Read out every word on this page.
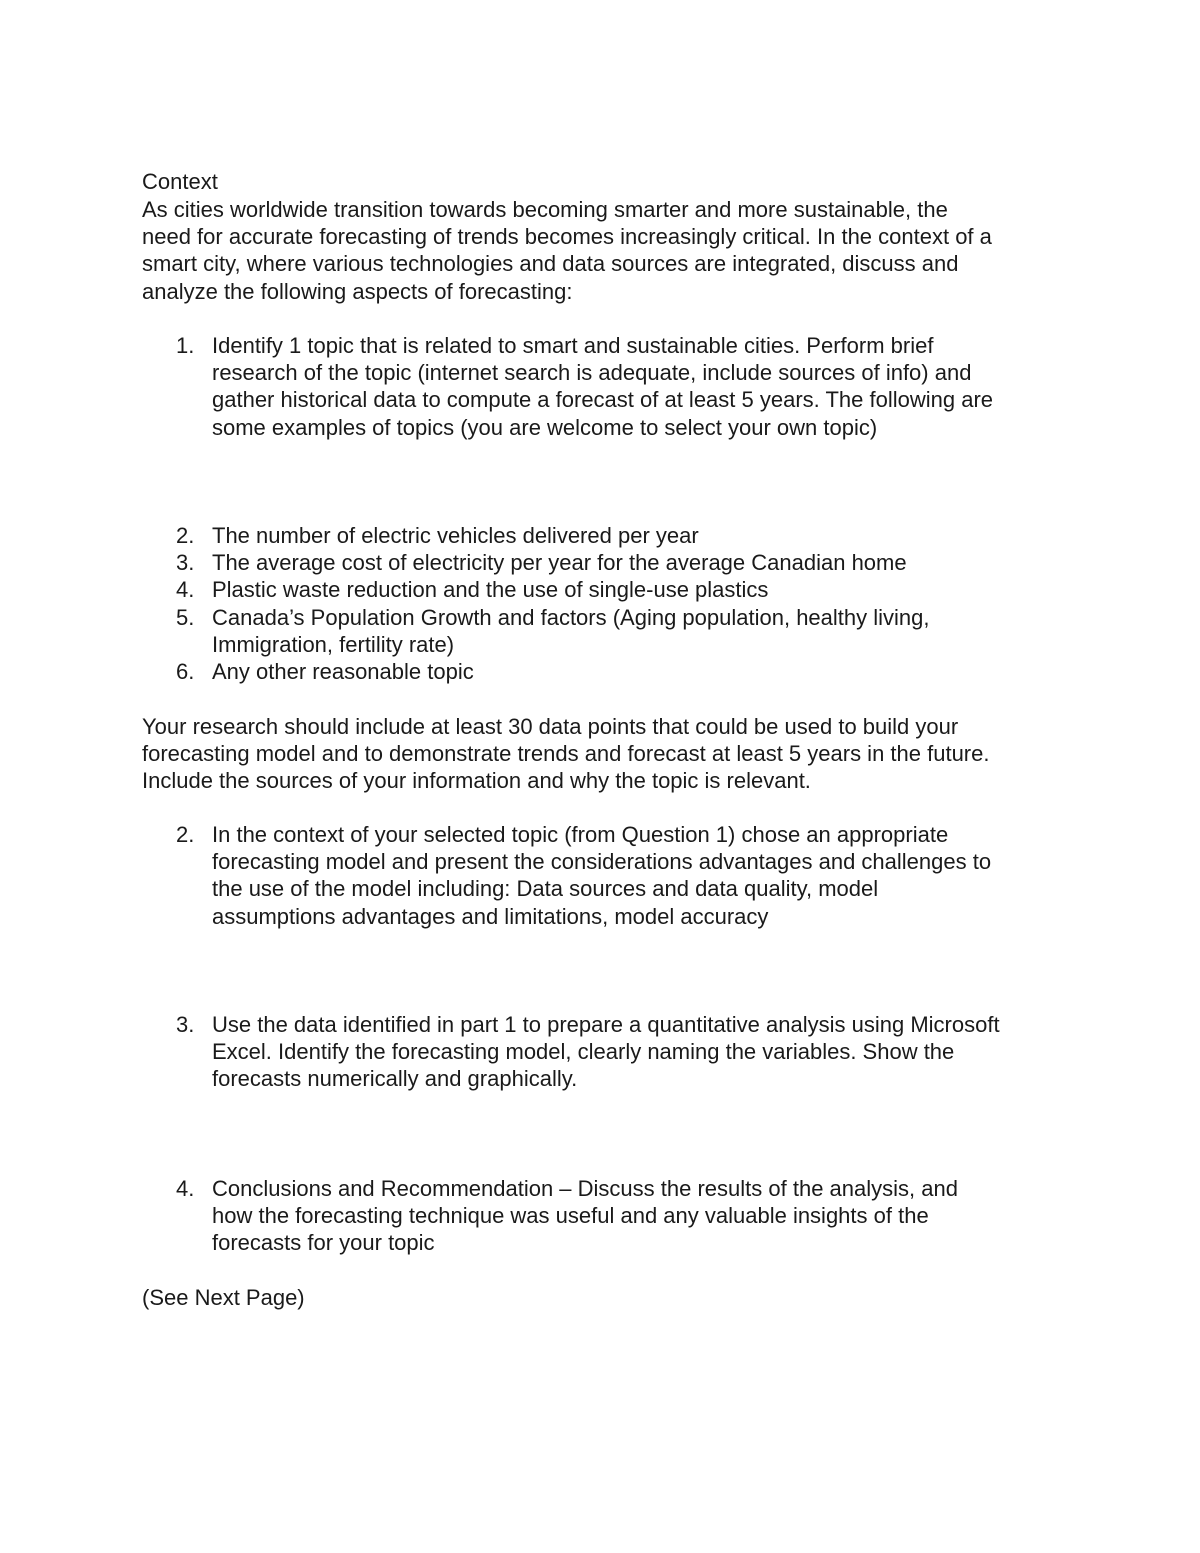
Context
As cities worldwide transition towards becoming smarter and more sustainable, the
need for accurate forecasting of trends becomes increasingly critical. In the context of a
smart city, where various technologies and data sources are integrated, discuss and
analyze the following aspects of forecasting:
1. Identify 1 topic that is related to smart and sustainable cities. Perform brief
research of the topic (internet search is adequate, include sources of info) and
gather historical data to compute a forecast of at least 5 years. The following are
some examples of topics (you are welcome to select your own topic)
2. The number of electric vehicles delivered per year
3. The average cost of electricity per year for the average Canadian home
4. Plastic waste reduction and the use of single-use plastics
5. Canada’s Population Growth and factors (Aging population, healthy living,
Immigration, fertility rate)
6. Any other reasonable topic
Your research should include at least 30 data points that could be used to build your
forecasting model and to demonstrate trends and forecast at least 5 years in the future.
Include the sources of your information and why the topic is relevant.
2. In the context of your selected topic (from Question 1) chose an appropriate
forecasting model and present the considerations advantages and challenges to
the use of the model including: Data sources and data quality, model
assumptions advantages and limitations, model accuracy
3. Use the data identified in part 1 to prepare a quantitative analysis using Microsoft
Excel. Identify the forecasting model, clearly naming the variables. Show the
forecasts numerically and graphically.
4. Conclusions and Recommendation – Discuss the results of the analysis, and
how the forecasting technique was useful and any valuable insights of the
forecasts for your topic
(See Next Page)
